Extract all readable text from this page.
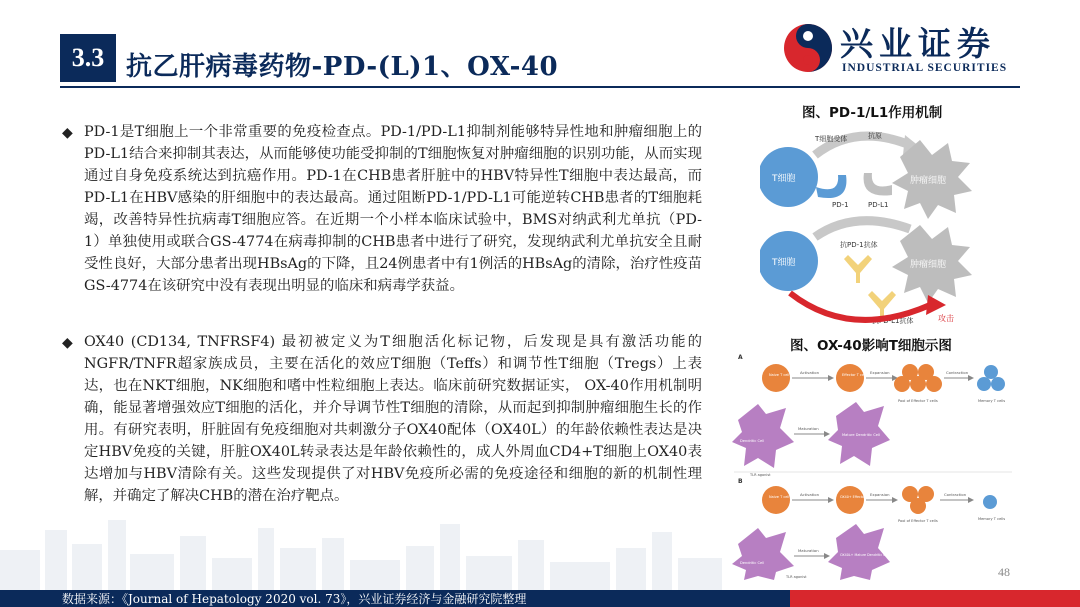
3.3 抗乙肝病毒药物-PD-(L)1、OX-40
兴业证券
INDUSTRIAL SECURITIES
◆ PD-1是T细胞上一个非常重要的免疫检查点。PD-1/PD-L1抑制剂能够特异性地和肿瘤细胞上的PD-L1结合来抑制其表达，从而能够使功能受抑制的T细胞恢复对肿瘤细胞的识别功能，从而实现通过自身免疫系统达到抗癌作用。PD-1在CHB患者肝脏中的HBV特异性T细胞中表达最高，而PD-L1在HBV感染的肝细胞中的表达最高。通过阻断PD-1/PD-L1可能逆转CHB患者的T细胞耗竭，改善特异性抗病毒T细胞应答。在近期一个小样本临床试验中，BMS对纳武利尤单抗（PD-1）单独使用或联合GS-4774在病毒抑制的CHB患者中进行了研究，发现纳武利尤单抗安全且耐受性良好，大部分患者出现HBsAg的下降，且24例患者中有1例活的HBsAg的清除，治疗性疫苗GS-4774在该研究中没有表现出明显的临床和病毒学获益。
◆ OX40 (CD134, TNFRSF4) 最初被定义为T细胞活化标记物，后发现是具有激活功能的NGFR/TNFR超家族成员，主要在活化的效应T细胞（Teffs）和调节性T细胞（Tregs）上表达，也在NKT细胞，NK细胞和嗜中性粒细胞上表达。临床前研究数据证实， OX-40作用机制明确，能显著增强效应T细胞的活化，并介导调节性T细胞的清除，从而起到抑制肿瘤细胞生长的作用。有研究表明，肝脏固有免疫细胞对共刺激分子OX40配体（OX40L）的年龄依赖性表达是决定HBV免疫的关键，肝脏OX40L转录表达是年龄依赖性的，成人外周血CD4+T细胞上OX40表达增加与HBV清除有关。这些发现提供了对HBV免疫所必需的免疫途径和细胞的新的机制性理解，并确定了解决CHB的潜在治疗靶点。
图、PD-1/L1作用机制
T细胞	肿瘤细胞
T细胞受体	抗原
PD-1	PD-L1
T细胞	肿瘤细胞
抗PD-1抗体
抗PD-L1抗体	攻击
图、OX-40影响T细胞示图
A
Naive T cell	Activation	Effector T cell Expansion
Pool of Effector T cells
Contraction
Memory T cells
Dendritic Cell
Maturation
Mature Dendritic Cell
TLR agonist
B
Naive T cell	Activation	OX40+ Effector T cell
Expansion
Pool of Effector T cells
Contraction
Memory T cells
Dendritic Cell
Maturation
OX40L+ Mature Dendritic Cell
TLR agonist	48
数据来源：《Journal of Hepatology 2020 vol. 73》，兴业证券经济与金融研究院整理
